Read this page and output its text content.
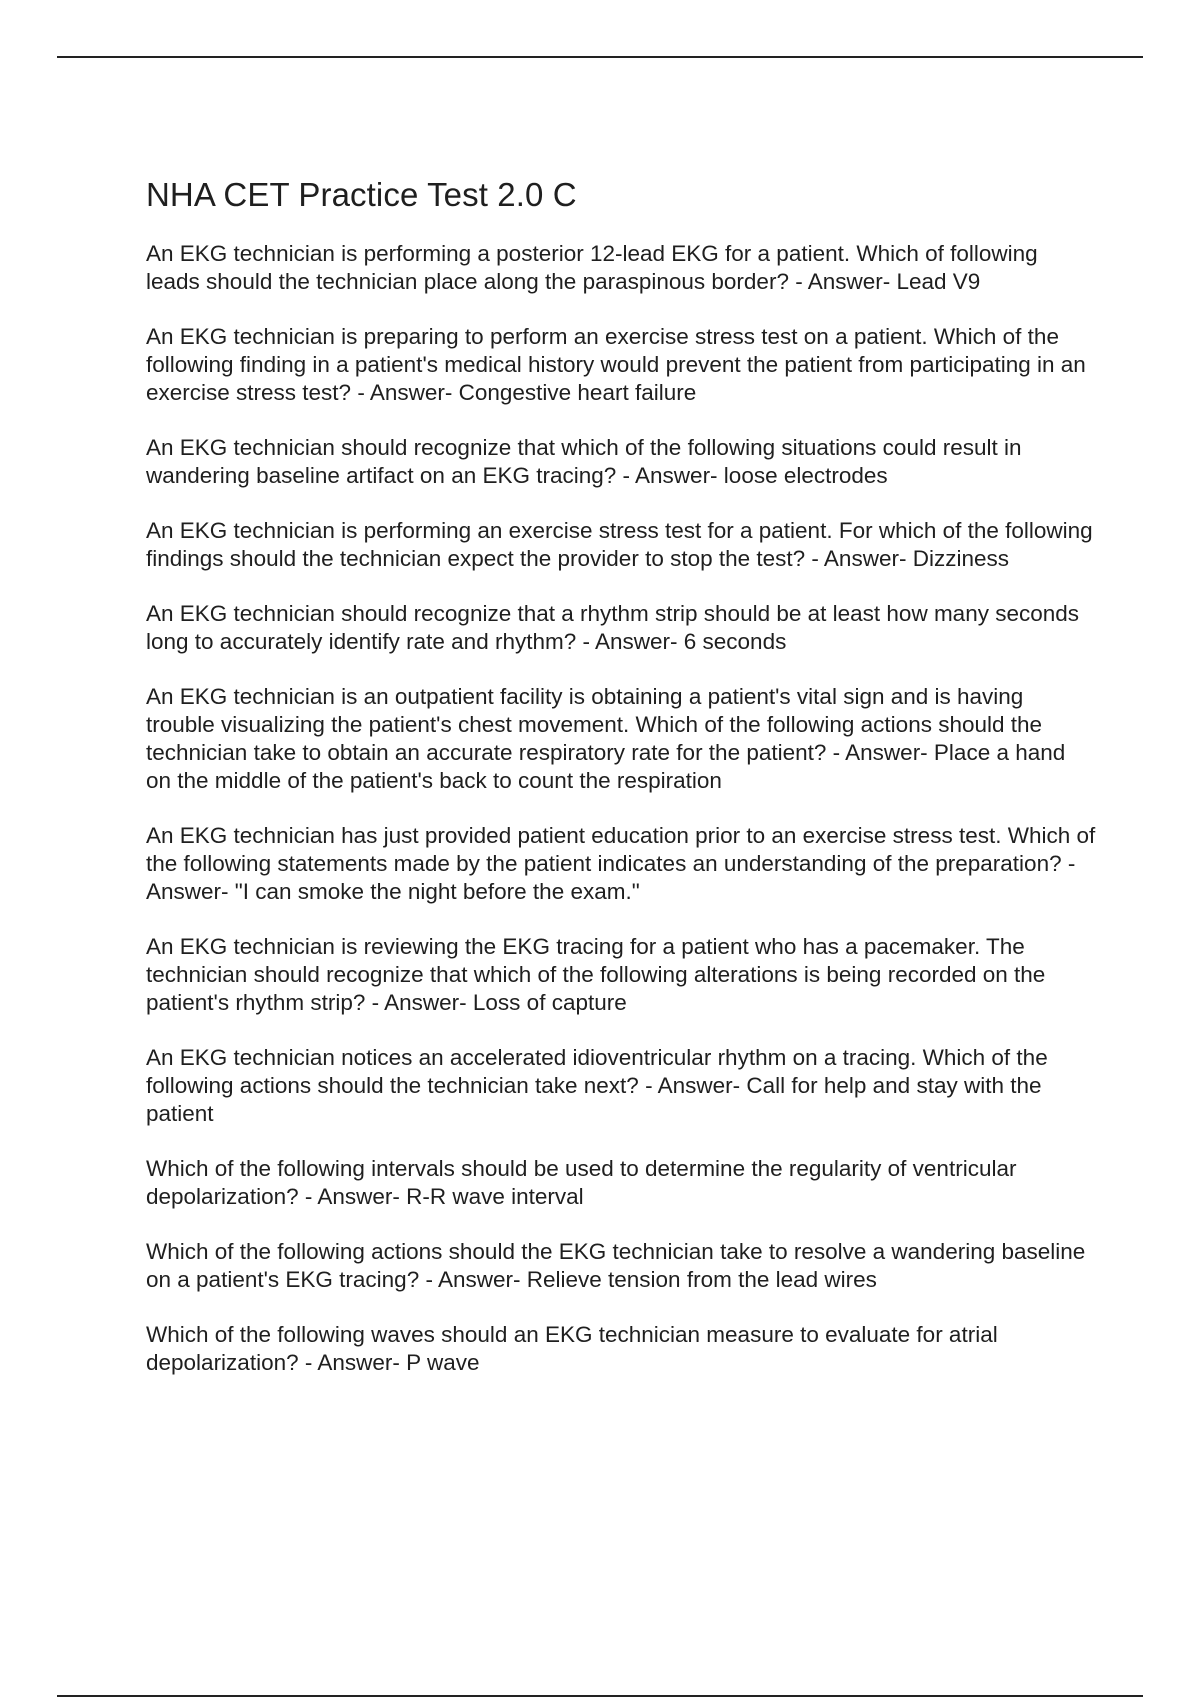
NHA CET Practice Test 2.0 C

An EKG technician is performing a posterior 12-lead EKG for a patient. Which of following leads should the technician place along the paraspinous border? - Answer- Lead V9

An EKG technician is preparing to perform an exercise stress test on a patient. Which of the following finding in a patient's medical history would prevent the patient from participating in an exercise stress test? - Answer- Congestive heart failure

An EKG technician should recognize that which of the following situations could result in wandering baseline artifact on an EKG tracing? - Answer- loose electrodes

An EKG technician is performing an exercise stress test for a patient. For which of the following findings should the technician expect the provider to stop the test? - Answer- Dizziness

An EKG technician should recognize that a rhythm strip should be at least how many seconds long to accurately identify rate and rhythm? - Answer- 6 seconds

An EKG technician is an outpatient facility is obtaining a patient's vital sign and is having trouble visualizing the patient's chest movement. Which of the following actions should the technician take to obtain an accurate respiratory rate for the patient? - Answer- Place a hand on the middle of the patient's back to count the respiration

An EKG technician has just provided patient education prior to an exercise stress test. Which of the following statements made by the patient indicates an understanding of the preparation? - Answer- "I can smoke the night before the exam."

An EKG technician is reviewing the EKG tracing for a patient who has a pacemaker. The technician should recognize that which of the following alterations is being recorded on the patient's rhythm strip? - Answer- Loss of capture

An EKG technician notices an accelerated idioventricular rhythm on a tracing. Which of the following actions should the technician take next? - Answer- Call for help and stay with the patient

Which of the following intervals should be used to determine the regularity of ventricular depolarization? - Answer- R-R wave interval

Which of the following actions should the EKG technician take to resolve a wandering baseline on a patient's EKG tracing? - Answer- Relieve tension from the lead wires

Which of the following waves should an EKG technician measure to evaluate for atrial depolarization? - Answer- P wave
